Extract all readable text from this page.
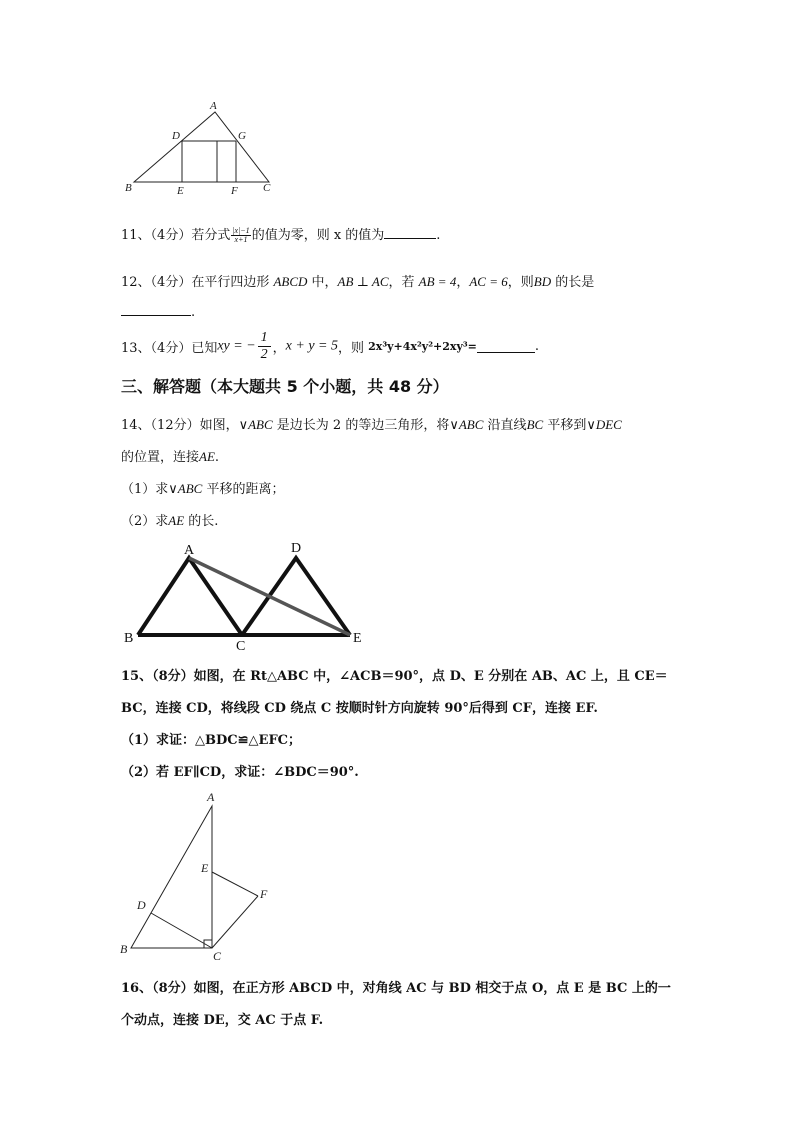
A
D	G
B	E	F C
11、（4分）若分式 $\frac{|x|-1}{x+1}$ 的值为零，则 x 的值为	.
12、（4分）在平行四边形 ABCD 中，AB ⊥ AC，若 AB = 4，AC = 6，则BD 的长是
.
13、（4分）已知xy = − $\frac{1}{2}$ ，x + y = 5，则 2x³y+4x²y²+2xy³=	.
三、解答题（本大题共 5 个小题，共 48 分）
14、（12分）如图，∨ABC 是边长为 2 的等边三角形，将∨ABC 沿直线BC 平移到∨DEC
的位置，连接AE.
（1）求∨ABC 平移的距离；
（2）求AE 的长.
A	D
B
C
E
15、（8分）如图，在 Rt△ABC 中，∠ACB＝90°，点 D、E 分别在 AB、AC 上，且 CE＝
BC，连接 CD，将线段 CD 绕点 C 按顺时针方向旋转 90°后得到 CF，连接 EF.
（1）求证：△BDC≌△EFC；
（2）若 EF∥CD，求证：∠BDC＝90°.
A
E
F
D
B	C
16、（8分）如图，在正方形 ABCD 中，对角线 AC 与 BD 相交于点 O，点 E 是 BC 上的一
个动点，连接 DE，交 AC 于点 F.
